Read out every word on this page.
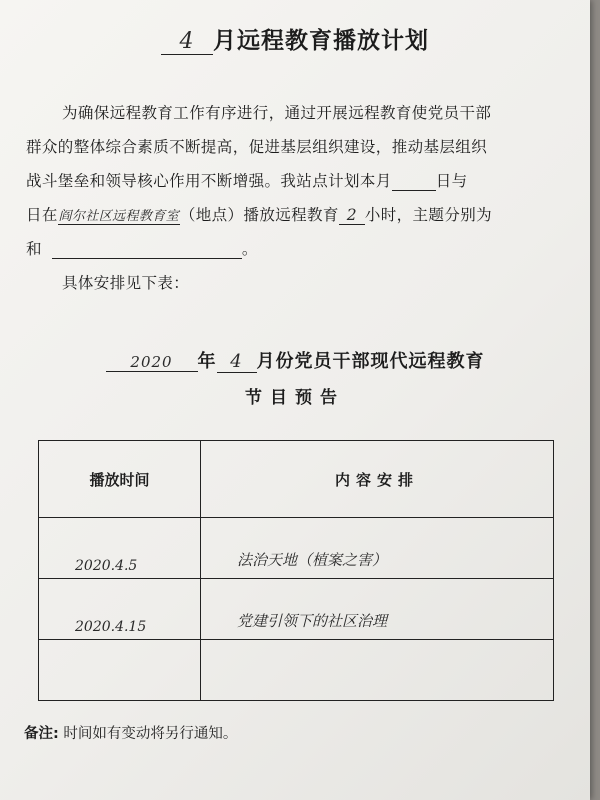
4 月远程教育播放计划
为确保远程教育工作有序进行，通过开展远程教育使党员干部
群众的整体综合素质不断提高，促进基层组织建设，推动基层组织
战斗堡垒和领导核心作用不断增强。我站点计划本月	日与
日在阎尔社区远程教育室（地点）播放远程教育 2 小时，主题分别为
和	。
具体安排见下表：
2020 年 4 月份党员干部现代远程教育
节目预告
播放时间	内容安排
2020.4.5	法治天地（植案之害）
2020.4.15	党建引领下的社区治理

备注: 时间如有变动将另行通知。
